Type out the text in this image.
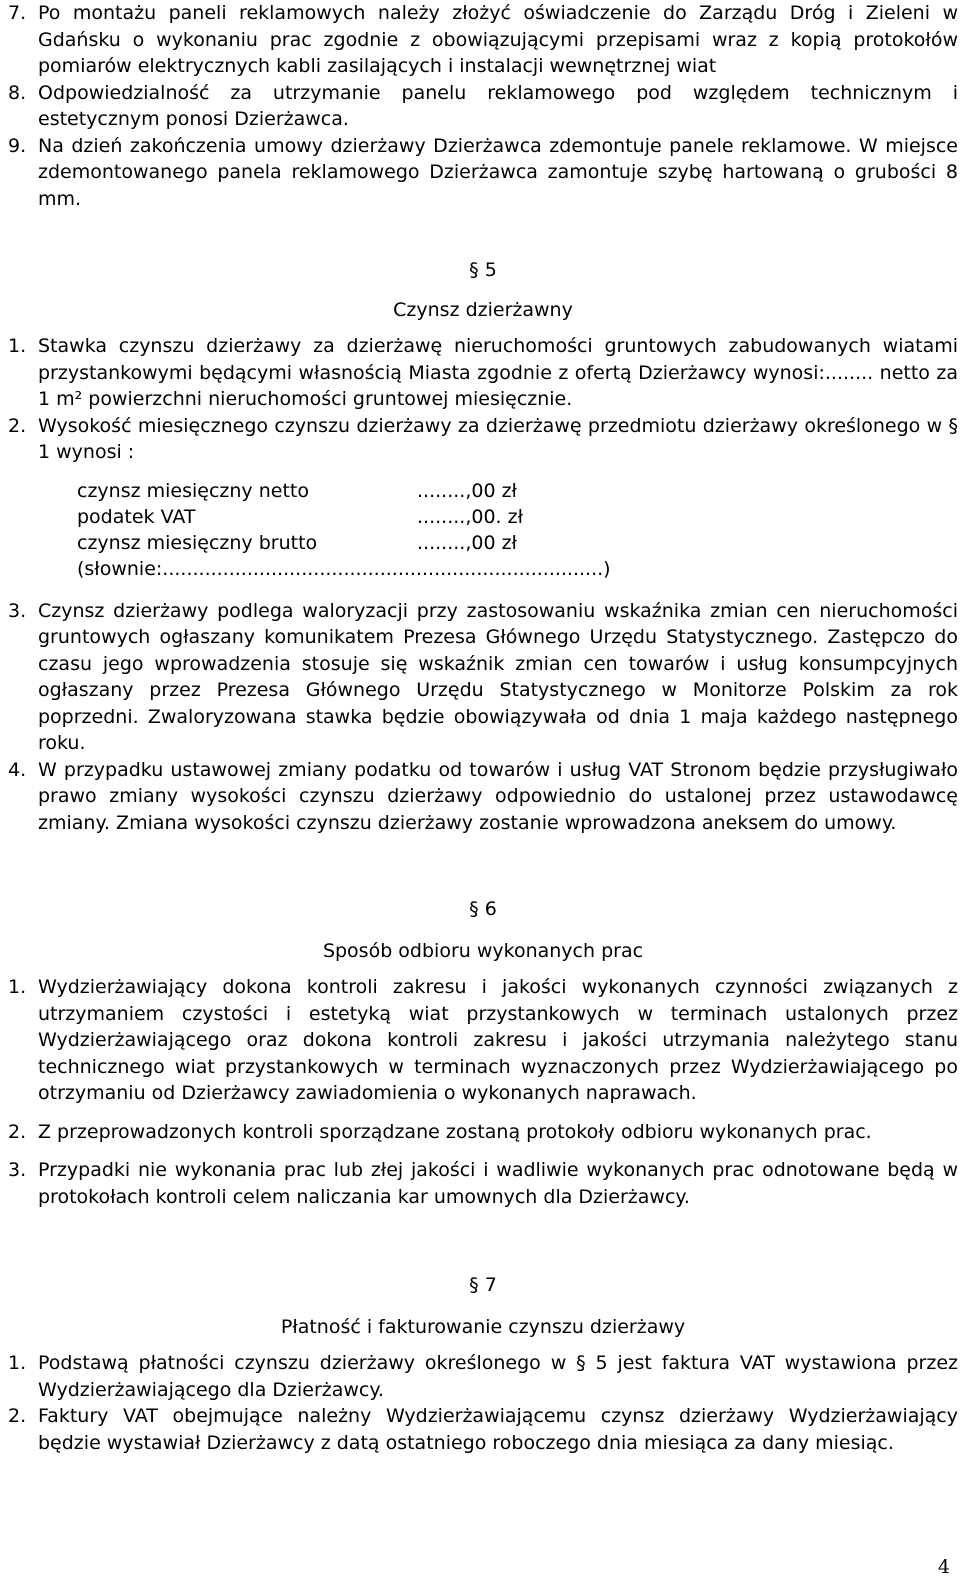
7. Po montażu paneli reklamowych należy złożyć oświadczenie do Zarządu Dróg i Zieleni w Gdańsku o wykonaniu prac zgodnie z obowiązującymi przepisami wraz z kopią protokołów pomiarów elektrycznych kabli zasilających i instalacji wewnętrznej wiat

8. Odpowiedzialność za utrzymanie panelu reklamowego pod względem technicznym i estetycznym ponosi Dzierżawca.

9. Na dzień zakończenia umowy dzierżawy Dzierżawca zdemontuje panele reklamowe. W miejsce zdemontowanego panela reklamowego Dzierżawca zamontuje szybę hartowaną o grubości 8 mm.

§ 5
Czynsz dzierżawny

1. Stawka czynszu dzierżawy za dzierżawę nieruchomości gruntowych zabudowanych wiatami przystankowymi będącymi własnością Miasta zgodnie z ofertą Dzierżawcy wynosi:........ netto za 1 m² powierzchni nieruchomości gruntowej miesięcznie.

2. Wysokość miesięcznego czynszu dzierżawy za dzierżawę przedmiotu dzierżawy określonego w § 1 wynosi :

czynsz miesięczny netto	........,00 zł
podatek VAT	........,00. zł
czynsz miesięczny brutto	........,00 zł
(słownie:.........................................................................)

3. Czynsz dzierżawy podlega waloryzacji przy zastosowaniu wskaźnika zmian cen nieruchomości gruntowych ogłaszany komunikatem Prezesa Głównego Urzędu Statystycznego. Zastępczo do czasu jego wprowadzenia stosuje się wskaźnik zmian cen towarów i usług konsumpcyjnych ogłaszany przez Prezesa Głównego Urzędu Statystycznego w Monitorze Polskim za rok poprzedni. Zwaloryzowana stawka będzie obowiązywała od dnia 1 maja każdego następnego roku.

4. W przypadku ustawowej zmiany podatku od towarów i usług VAT Stronom będzie przysługiwało prawo zmiany wysokości czynszu dzierżawy odpowiednio do ustalonej przez ustawodawcę zmiany. Zmiana wysokości czynszu dzierżawy zostanie wprowadzona aneksem do umowy.

§ 6
Sposób odbioru wykonanych prac

1. Wydzierżawiający dokona kontroli zakresu i jakości wykonanych czynności związanych z utrzymaniem czystości i estetyką wiat przystankowych w terminach ustalonych przez Wydzierżawiającego oraz dokona kontroli zakresu i jakości utrzymania należytego stanu technicznego wiat przystankowych w terminach wyznaczonych przez Wydzierżawiającego po otrzymaniu od Dzierżawcy zawiadomienia o wykonanych naprawach.

2. Z przeprowadzonych kontroli sporządzane zostaną protokoły odbioru wykonanych prac.

3. Przypadki nie wykonania prac lub złej jakości i wadliwie wykonanych prac odnotowane będą w protokołach kontroli celem naliczania kar umownych dla Dzierżawcy.

§ 7
Płatność i fakturowanie czynszu dzierżawy

1. Podstawą płatności czynszu dzierżawy określonego w § 5 jest faktura VAT wystawiona przez Wydzierżawiającego dla Dzierżawcy.

2. Faktury VAT obejmujące należny Wydzierżawiającemu czynsz dzierżawy Wydzierżawiający będzie wystawiał Dzierżawcy z datą ostatniego roboczego dnia miesiąca za dany miesiąc.

4
